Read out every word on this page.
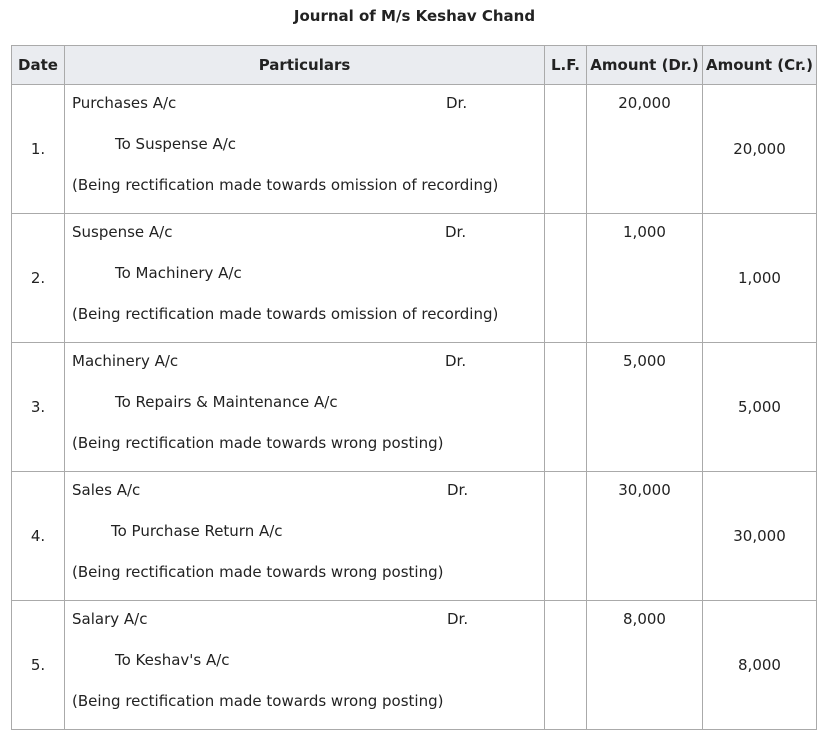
Journal of M/s Keshav Chand
Date	Particulars	L.F.	Amount (Dr.)	Amount (Cr.)
1.	Purchases A/c Dr.
To Suspense A/c
(Being rectification made towards omission of recording)		20,000	20,000
2.	Suspense A/c Dr.
To Machinery A/c
(Being rectification made towards omission of recording)		1,000	1,000
3.	Machinery A/c Dr.
To Repairs & Maintenance A/c
(Being rectification made towards wrong posting)		5,000	5,000
4.	Sales A/c Dr.
To Purchase Return A/c
(Being rectification made towards wrong posting)		30,000	30,000
5.	Salary A/c Dr.
To Keshav's A/c
(Being rectification made towards wrong posting)		8,000	8,000
